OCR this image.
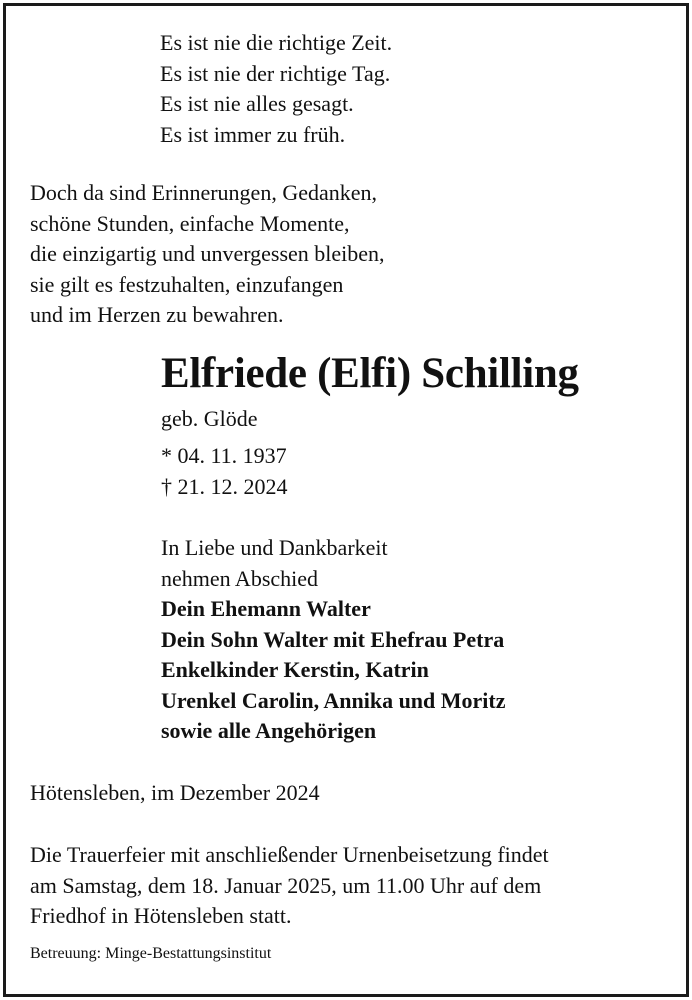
Es ist nie die richtige Zeit.
Es ist nie der richtige Tag.
Es ist nie alles gesagt.
Es ist immer zu früh.
Doch da sind Erinnerungen, Gedanken,
schöne Stunden, einfache Momente,
die einzigartig und unvergessen bleiben,
sie gilt es festzuhalten, einzufangen
und im Herzen zu bewahren.
Elfriede (Elfi) Schilling
geb. Glöde
* 04. 11. 1937
† 21. 12. 2024
In Liebe und Dankbarkeit
nehmen Abschied
Dein Ehemann Walter
Dein Sohn Walter mit Ehefrau Petra
Enkelkinder Kerstin, Katrin
Urenkel Carolin, Annika und Moritz
sowie alle Angehörigen
Hötensleben, im Dezember 2024
Die Trauerfeier mit anschließender Urnenbeisetzung findet
am Samstag, dem 18. Januar 2025, um 11.00 Uhr auf dem
Friedhof in Hötensleben statt.
Betreuung: Minge-Bestattungsinstitut
